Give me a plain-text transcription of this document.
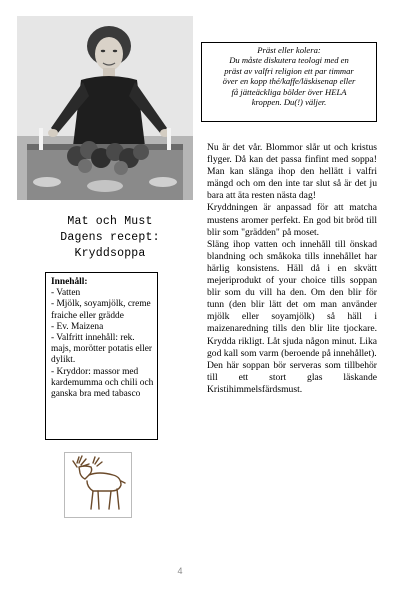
Präst eller kolera:
Du måste diskutera teologi med en
präst av valfri religion ett par timmar
över en kopp thé/kaffe/läskisenap eller
få jätteäckliga bölder över HELA
kroppen. Du(!) väljer.
Mat och Must
Dagens recept:
Kryddsoppa
Innehåll:
- Vatten
- Mjölk, soyamjölk, creme fraiche eller grädde
- Ev. Maizena
- Valfritt innehåll: rek. majs, morötter potatis eller dylikt.
- Kryddor: massor med kardemumma och chili och ganska bra med tabasco

Nu är det vår. Blommor slår ut och kristus flyger. Då kan det passa finfint med soppa! Man kan slänga ihop den hellätt i valfri mängd och om den inte tar slut så är det ju bara att äta resten nästa dag!

Kryddningen är anpassad för att matcha mustens aromer perfekt. En god bit bröd till blir som "grädden" på moset.

Släng ihop vatten och innehåll till önskad blandning och småkoka tills innehållet har härlig konsistens. Häll då i en skvätt mejeriprodukt of your choice tills soppan blir som du vill ha den. Om den blir för tunn (den blir lätt det om man använder mjölk eller soyamjölk) så häll i maizenaredning tills den blir lite tjockare. Krydda rikligt. Låt sjuda någon minut. Lika god kall som varm (beroende på innehållet).

Den här soppan bör serveras som tillbehör till ett stort glas läskande Kristihimmelsfärdsmust.

4
